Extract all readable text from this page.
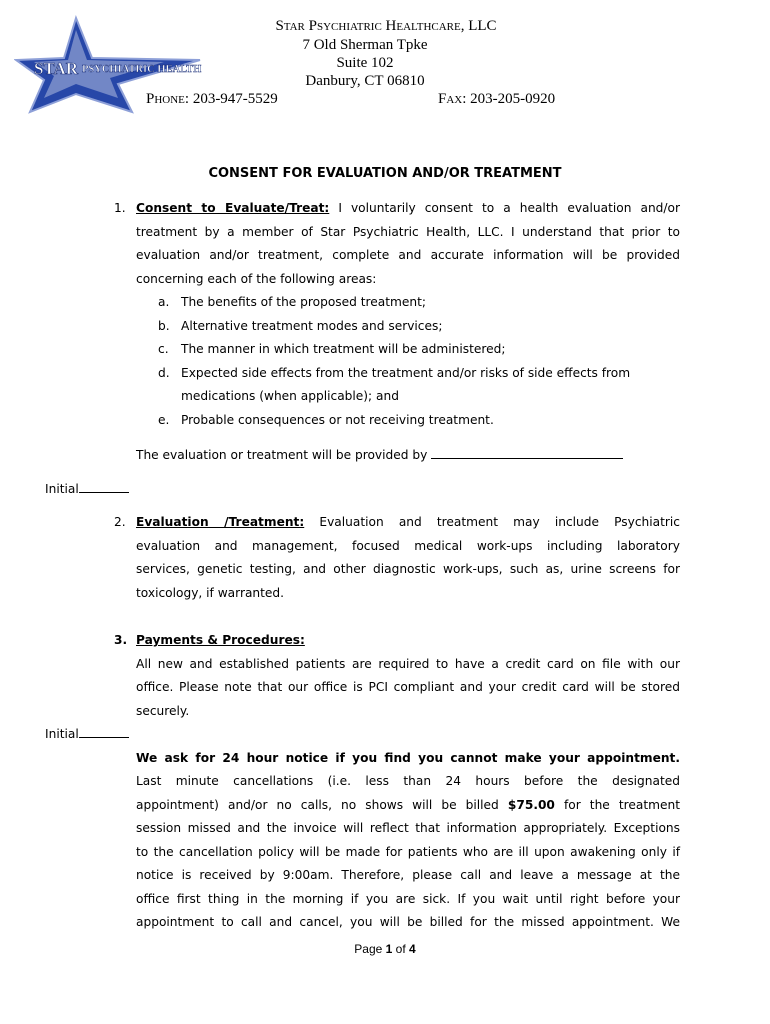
STAR PSYCHIATRIC HEALTH
Star Psychiatric Healthcare, LLC
7 Old Sherman Tpke
Suite 102
Danbury, CT 06810
Phone: 203-947-5529	Fax: 203-205-0920
CONSENT FOR EVALUATION AND/OR TREATMENT
1. Consent to Evaluate/Treat: I voluntarily consent to a health evaluation and/or
treatment by a member of Star Psychiatric Health, LLC. I understand that prior to
evaluation and/or treatment, complete and accurate information will be provided
concerning each of the following areas:
a. The benefits of the proposed treatment;
b. Alternative treatment modes and services;
c. The manner in which treatment will be administered;
d. Expected side effects from the treatment and/or risks of side effects from
medications (when applicable); and
e. Probable consequences or not receiving treatment.
The evaluation or treatment will be provided by
Initial
2. Evaluation /Treatment: Evaluation and treatment may include Psychiatric
evaluation and management, focused medical work-ups including laboratory
services, genetic testing, and other diagnostic work-ups, such as, urine screens for
toxicology, if warranted.
3. Payments & Procedures:
All new and established patients are required to have a credit card on file with our
office. Please note that our office is PCI compliant and your credit card will be stored
securely.
Initial
We ask for 24 hour notice if you find you cannot make your appointment.
Last minute cancellations (i.e. less than 24 hours before the designated
appointment) and/or no calls, no shows will be billed $75.00 for the treatment
session missed and the invoice will reflect that information appropriately. Exceptions
to the cancellation policy will be made for patients who are ill upon awakening only if
notice is received by 9:00am. Therefore, please call and leave a message at the
office first thing in the morning if you are sick. If you wait until right before your
appointment to call and cancel, you will be billed for the missed appointment. We
Page 1 of 4
